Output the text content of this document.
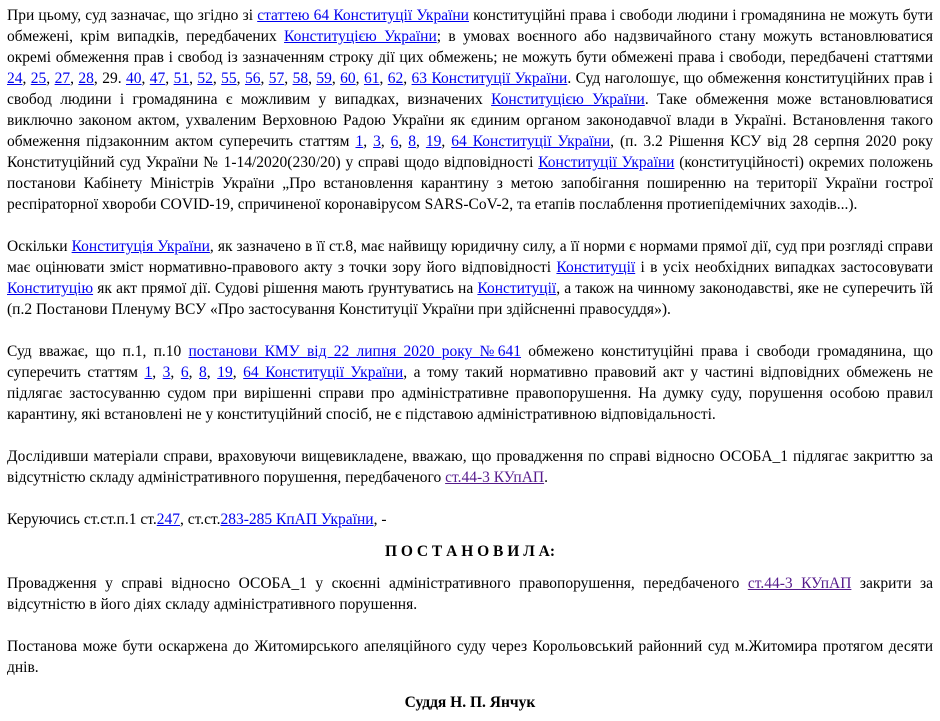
При цьому, суд зазначає, що згідно зі статтею 64 Конституції України конституційні права і свободи людини і громадянина не можуть бути обмежені, крім випадків, передбачених Конституцією України; в умовах воєнного або надзвичайного стану можуть встановлюватися окремі обмеження прав і свобод із зазначенням строку дії цих обмежень; не можуть бути обмежені права і свободи, передбачені статтями 24, 25, 27, 28, 29. 40, 47, 51, 52, 55, 56, 57, 58, 59, 60, 61, 62, 63 Конституції України. Суд наголошує, що обмеження конституційних прав і свобод людини і громадянина є можливим у випадках, визначених Конституцією України. Таке обмеження може встановлюватися виключно законом актом, ухваленим Верховною Радою України як єдиним органом законодавчої влади в Україні. Встановлення такого обмеження підзаконним актом суперечить статтям 1, 3, 6, 8, 19, 64 Конституції України, (п. 3.2 Рішення КСУ від 28 серпня 2020 року Конституційний суд України № 1-14/2020(230/20) у справі щодо відповідності Конституції України (конституційності) окремих положень постанови Кабінету Міністрів України „Про встановлення карантину з метою запобігання поширенню на території України гострої респіраторної хвороби COVID-19, спричиненої коронавірусом SARS-CoV-2, та етапів послаблення протиепідемічних заходів...).

Оскільки Конституція України, як зазначено в її ст.8, має найвищу юридичну силу, а її норми є нормами прямої дії, суд при розгляді справи має оцінювати зміст нормативно-правового акту з точки зору його відповідності Конституції і в усіх необхідних випадках застосовувати Конституцію як акт прямої дії. Судові рішення мають ґрунтуватись на Конституції, а також на чинному законодавстві, яке не суперечить їй (п.2 Постанови Пленуму ВСУ «Про застосування Конституції України при здійсненні правосуддя»).

Суд вважає, що п.1, п.10 постанови КМУ від 22 липня 2020 року №641 обмежено конституційні права і свободи громадянина, що суперечить статтям 1, 3, 6, 8, 19, 64 Конституції України, а тому такий нормативно правовий акт у частині відповідних обмежень не підлягає застосуванню судом при вирішенні справи про адміністративне правопорушення. На думку суду, порушення особою правил карантину, які встановлені не у конституційний спосіб, не є підставою адміністративною відповідальності.

Дослідивши матеріали справи, враховуючи вищевикладене, вважаю, що провадження по справі відносно ОСОБА_1 підлягає закриттю за відсутністю складу адміністративного порушення, передбаченого ст.44-3 КУпАП.

Керуючись ст.ст.п.1 ст.247, ст.ст.283-285 КпАП України, -

П О С Т А Н О В И Л А:

Провадження у справі відносно ОСОБА_1 у скоєнні адміністративного правопорушення, передбаченого ст.44-3 КУпАП закрити за відсутністю в його діях складу адміністративного порушення.

Постанова може бути оскаржена до Житомирського апеляційного суду через Корольовський районний суд м.Житомира протягом десяти днів.

Суддя Н. П. Янчук
